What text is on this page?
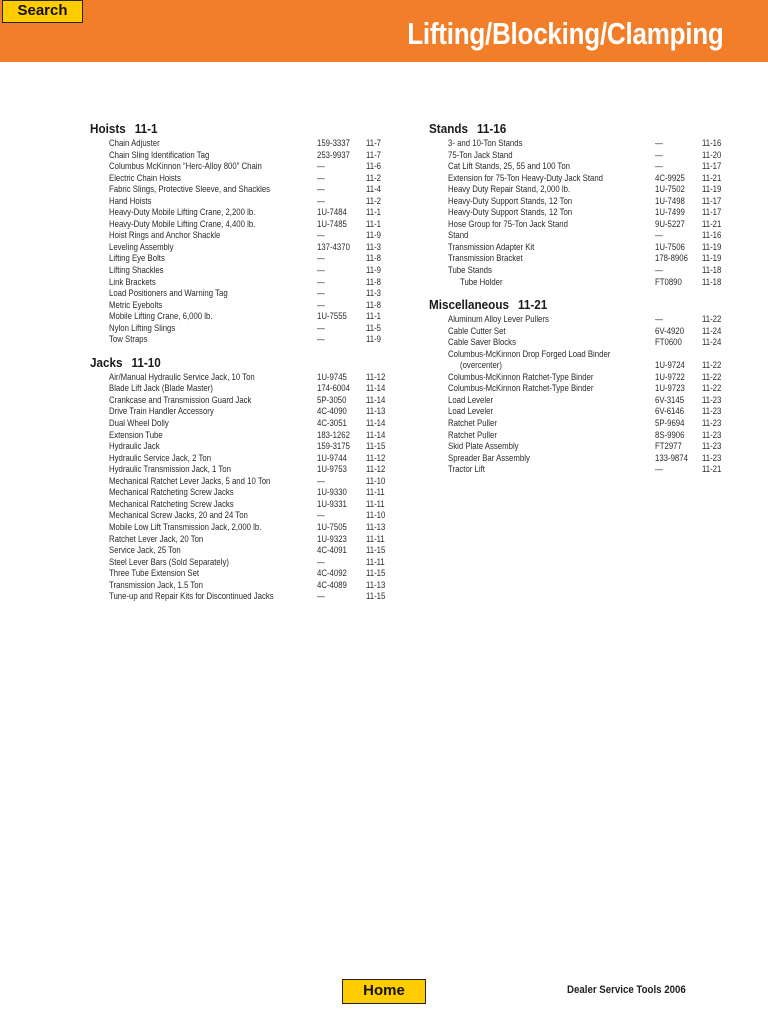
Lifting/Blocking/Clamping
Search
Hoists 11-1
Chain Adjuster	159-3337 11-7
Chain Sling Identification Tag	253-9937 11-7
Columbus McKinnon “Herc-Alloy 800” Chain	—	11-6
Electric Chain Hoists	—	11-2
Fabric Slings, Protective Sleeve, and Shackles	—	11-4
Hand Hoists	—	11-2
Heavy-Duty Mobile Lifting Crane, 2,200 lb.	1U-7484 11-1
Heavy-Duty Mobile Lifting Crane, 4,400 lb.	1U-7485 11-1
Hoist Rings and Anchor Shackle	—	11-9
Leveling Assembly	137-4370 11-3
Lifting Eye Bolts	—	11-8
Lifting Shackles	—	11-9
Link Brackets	—	11-8
Load Positioners and Warning Tag	—	11-3
Metric Eyebolts	—	11-8
Mobile Lifting Crane, 6,000 lb.	1U-7555 11-1
Nylon Lifting Slings	—	11-5
Tow Straps	—	11-9
Jacks 11-10
Air/Manual Hydraulic Service Jack, 10 Ton	1U-9745 11-12
Blade Lift Jack (Blade Master)	174-6004 11-14
Crankcase and Transmission Guard Jack	5P-3050 11-14
Drive Train Handler Accessory	4C-4090 11-13
Dual Wheel Dolly	4C-3051 11-14
Extension Tube	183-1262 11-14
Hydraulic Jack	159-3175 11-15
Hydraulic Service Jack, 2 Ton	1U-9744 11-12
Hydraulic Transmission Jack, 1 Ton	1U-9753 11-12
Mechanical Ratchet Lever Jacks, 5 and 10 Ton	—	11-10
Mechanical Ratcheting Screw Jacks	1U-9330 11-11
Mechanical Ratcheting Screw Jacks	1U-9331 11-11
Mechanical Screw Jacks, 20 and 24 Ton	—	11-10
Mobile Low Lift Transmission Jack, 2,000 lb.	1U-7505 11-13
Ratchet Lever Jack, 20 Ton	1U-9323 11-11
Service Jack, 25 Ton	4C-4091 11-15
Steel Lever Bars (Sold Separately)	—	11-11
Three Tube Extension Set	4C-4092 11-15
Transmission Jack, 1.5 Ton	4C-4089 11-13
Tune-up and Repair Kits for Discontinued Jacks	—	11-15
Stands 11-16
3- and 10-Ton Stands	—	11-16
75-Ton Jack Stand	—	11-20
Cat Lift Stands, 25, 55 and 100 Ton	—	11-17
Extension for 75-Ton Heavy-Duty Jack Stand	4C-9925 11-21
Heavy Duty Repair Stand, 2,000 lb.	1U-7502 11-19
Heavy-Duty Support Stands, 12 Ton	1U-7498 11-17
Heavy-Duty Support Stands, 12 Ton	1U-7499 11-17
Hose Group for 75-Ton Jack Stand	9U-5227 11-21
Stand	—	11-16
Transmission Adapter Kit	1U-7506 11-19
Transmission Bracket	178-8906 11-19
Tube Stands	—	11-18
Tube Holder	FT0890 11-18
Miscellaneous 11-21
Aluminum Alloy Lever Pullers	—	11-22
Cable Cutter Set	6V-4920 11-24
Cable Saver Blocks	FT0600 11-24
Columbus-McKinnon Drop Forged Load Binder
(overcenter)	1U-9724 11-22
Columbus-McKinnon Ratchet-Type Binder	1U-9722 11-22
Columbus-McKinnon Ratchet-Type Binder	1U-9723 11-22
Load Leveler	6V-3145 11-23
Load Leveler	6V-6146 11-23
Ratchet Puller	5P-9694 11-23
Ratchet Puller	8S-9906 11-23
Skid Plate Assembly	FT2977 11-23
Spreader Bar Assembly	133-9874 11-23
Tractor Lift	—	11-21
Home	Dealer Service Tools 2006
